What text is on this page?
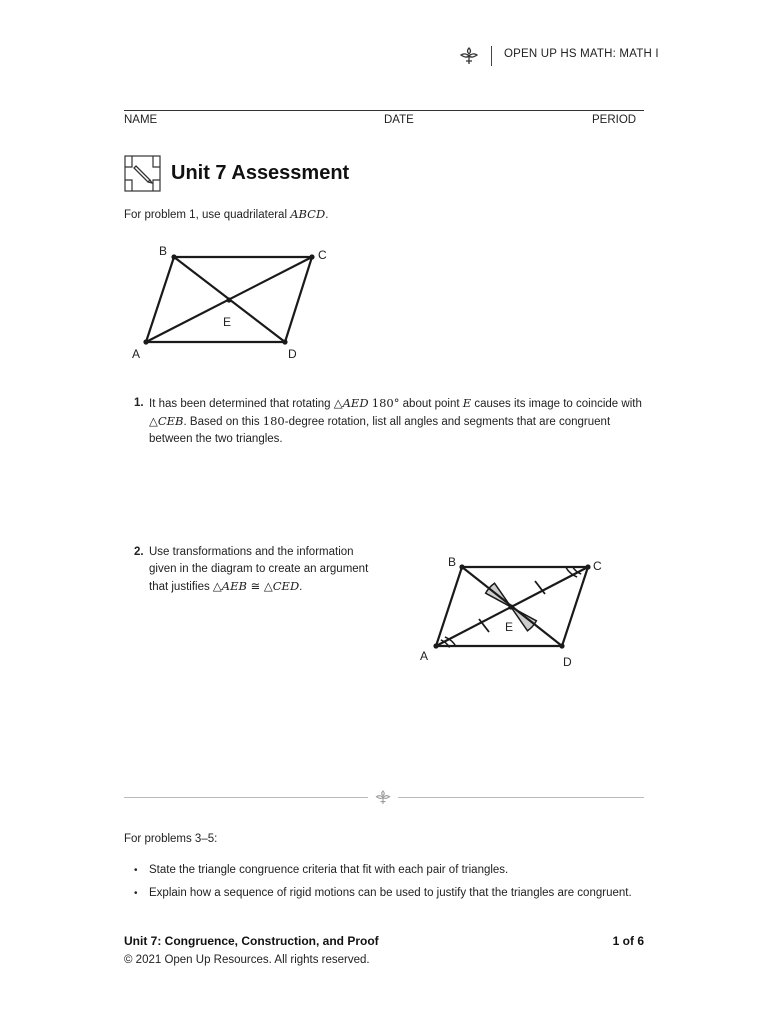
OPEN UP HS MATH: MATH I
NAME	DATE	PERIOD
Unit 7 Assessment
For problem 1, use quadrilateral ABCD.
A
B	C
D
E
1. It has been determined that rotating △AED 180° about point E causes its image to coincide with △CEB. Based on this 180-degree rotation, list all angles and segments that are congruent between the two triangles.
2. Use transformations and the information given in the diagram to create an argument that justifies △AEB ≅ △CED.
A
B	C
D
E
For problems 3–5:
• State the triangle congruence criteria that fit with each pair of triangles.
• Explain how a sequence of rigid motions can be used to justify that the triangles are congruent.
Unit 7: Congruence, Construction, and Proof	1 of 6
© 2021 Open Up Resources. All rights reserved.
